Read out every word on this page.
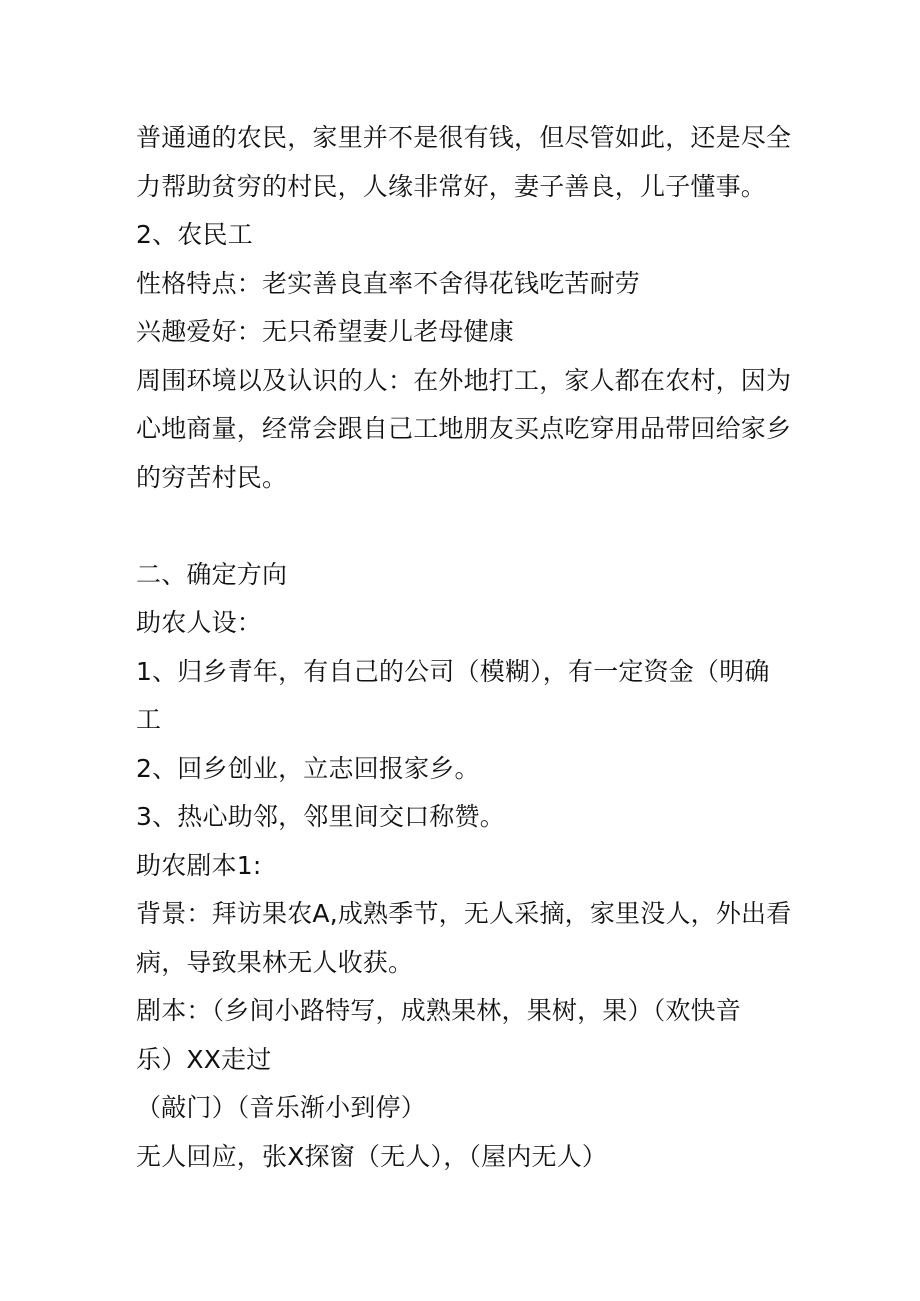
普通通的农民，家里并不是很有钱，但尽管如此，还是尽全
力帮助贫穷的村民，人缘非常好，妻子善良，儿子懂事。
2、农民工
性格特点：老实善良直率不舍得花钱吃苦耐劳
兴趣爱好：无只希望妻儿老母健康
周围环境以及认识的人：在外地打工，家人都在农村，因为
心地商量，经常会跟自己工地朋友买点吃穿用品带回给家乡
的穷苦村民。
二、确定方向
助农人设：
1、归乡青年，有自己的公司（模糊），有一定资金（明确
工
2、回乡创业，立志回报家乡。
3、热心助邻，邻里间交口称赞。
助农剧本1:
背景：拜访果农A,成熟季节，无人采摘，家里没人，外出看
病，导致果林无人收获。
剧本：（乡间小路特写，成熟果林，果树，果）（欢快音
乐）XX走过
（敲门）（音乐渐小到停）
无人回应，张X探窗（无人），（屋内无人）
